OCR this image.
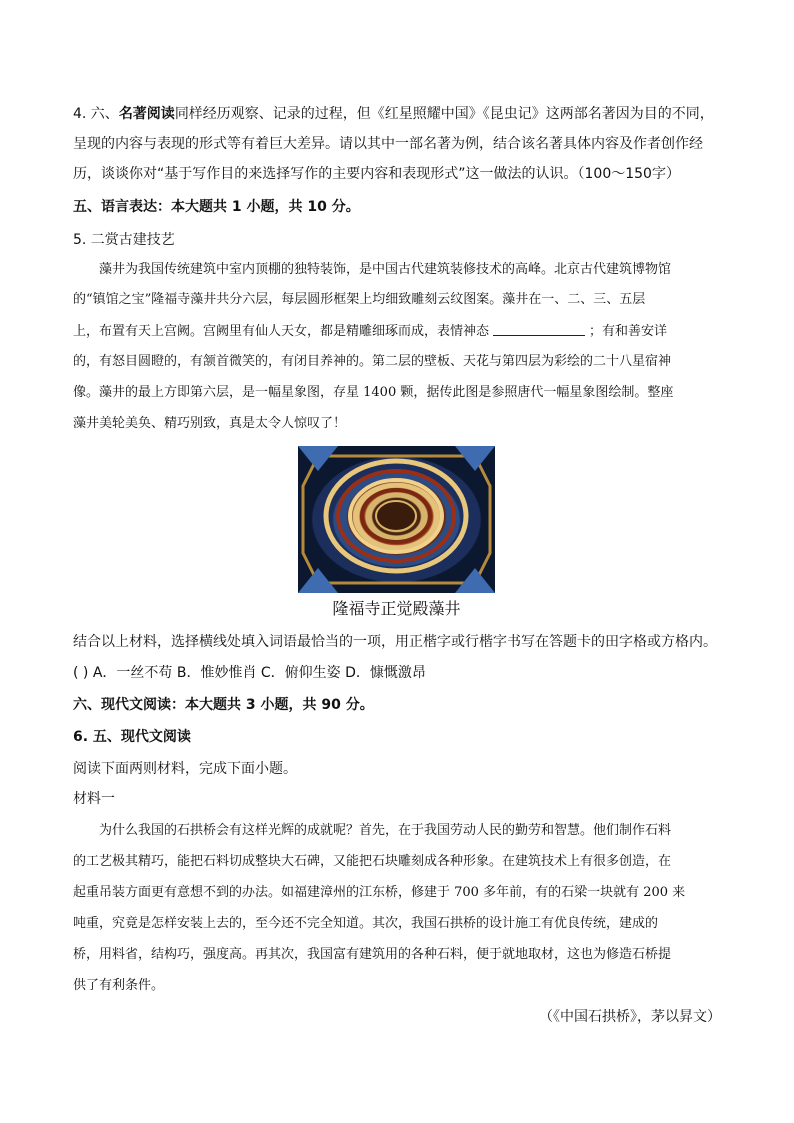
4. 六、名著阅读同样经历观察、记录的过程，但《红星照耀中国》《昆虫记》这两部名著因为目的不同，
呈现的内容与表现的形式等有着巨大差异。请以其中一部名著为例，结合该名著具体内容及作者创作经
历，谈谈你对“基于写作目的来选择写作的主要内容和表现形式”这一做法的认识。（100～150字）
五、语言表达：本大题共 1 小题，共 10 分。
5. 二赏古建技艺
藻井为我国传统建筑中室内顶棚的独特装饰，是中国古代建筑装修技术的高峰。北京古代建筑博物馆
的“镇馆之宝”隆福寺藻井共分六层，每层圆形框架上均细致雕刻云纹图案。藻井在一、二、三、五层
上，布置有天上宫阙。宫阙里有仙人天女，都是精雕细琢而成，表情神态	；有和善安详
的，有怒目圆瞪的，有颔首微笑的，有闭目养神的。第二层的壁板、天花与第四层为彩绘的二十八星宿神
像。藻井的最上方即第六层，是一幅星象图，存星 1400 颗，据传此图是参照唐代一幅星象图绘制。整座
藻井美轮美奂、精巧别致，真是太令人惊叹了！
隆福寺正觉殿藻井
结合以上材料，选择横线处填入词语最恰当的一项，用正楷字或行楷字书写在答题卡的田字格或方格内。
( ) A．一丝不苟 B．惟妙惟肖 C．俯仰生姿 D．慷慨激昂
六、现代文阅读：本大题共 3 小题，共 90 分。
6. 五、现代文阅读
阅读下面两则材料，完成下面小题。
材料一
为什么我国的石拱桥会有这样光辉的成就呢？首先，在于我国劳动人民的勤劳和智慧。他们制作石料
的工艺极其精巧，能把石料切成整块大石碑，又能把石块雕刻成各种形象。在建筑技术上有很多创造，在
起重吊装方面更有意想不到的办法。如福建漳州的江东桥，修建于 700 多年前，有的石梁一块就有 200 来
吨重，究竟是怎样安装上去的，至今还不完全知道。其次，我国石拱桥的设计施工有优良传统，建成的
桥，用料省，结构巧，强度高。再其次，我国富有建筑用的各种石料，便于就地取材，这也为修造石桥提
供了有利条件。
（《中国石拱桥》，茅以昇文）
